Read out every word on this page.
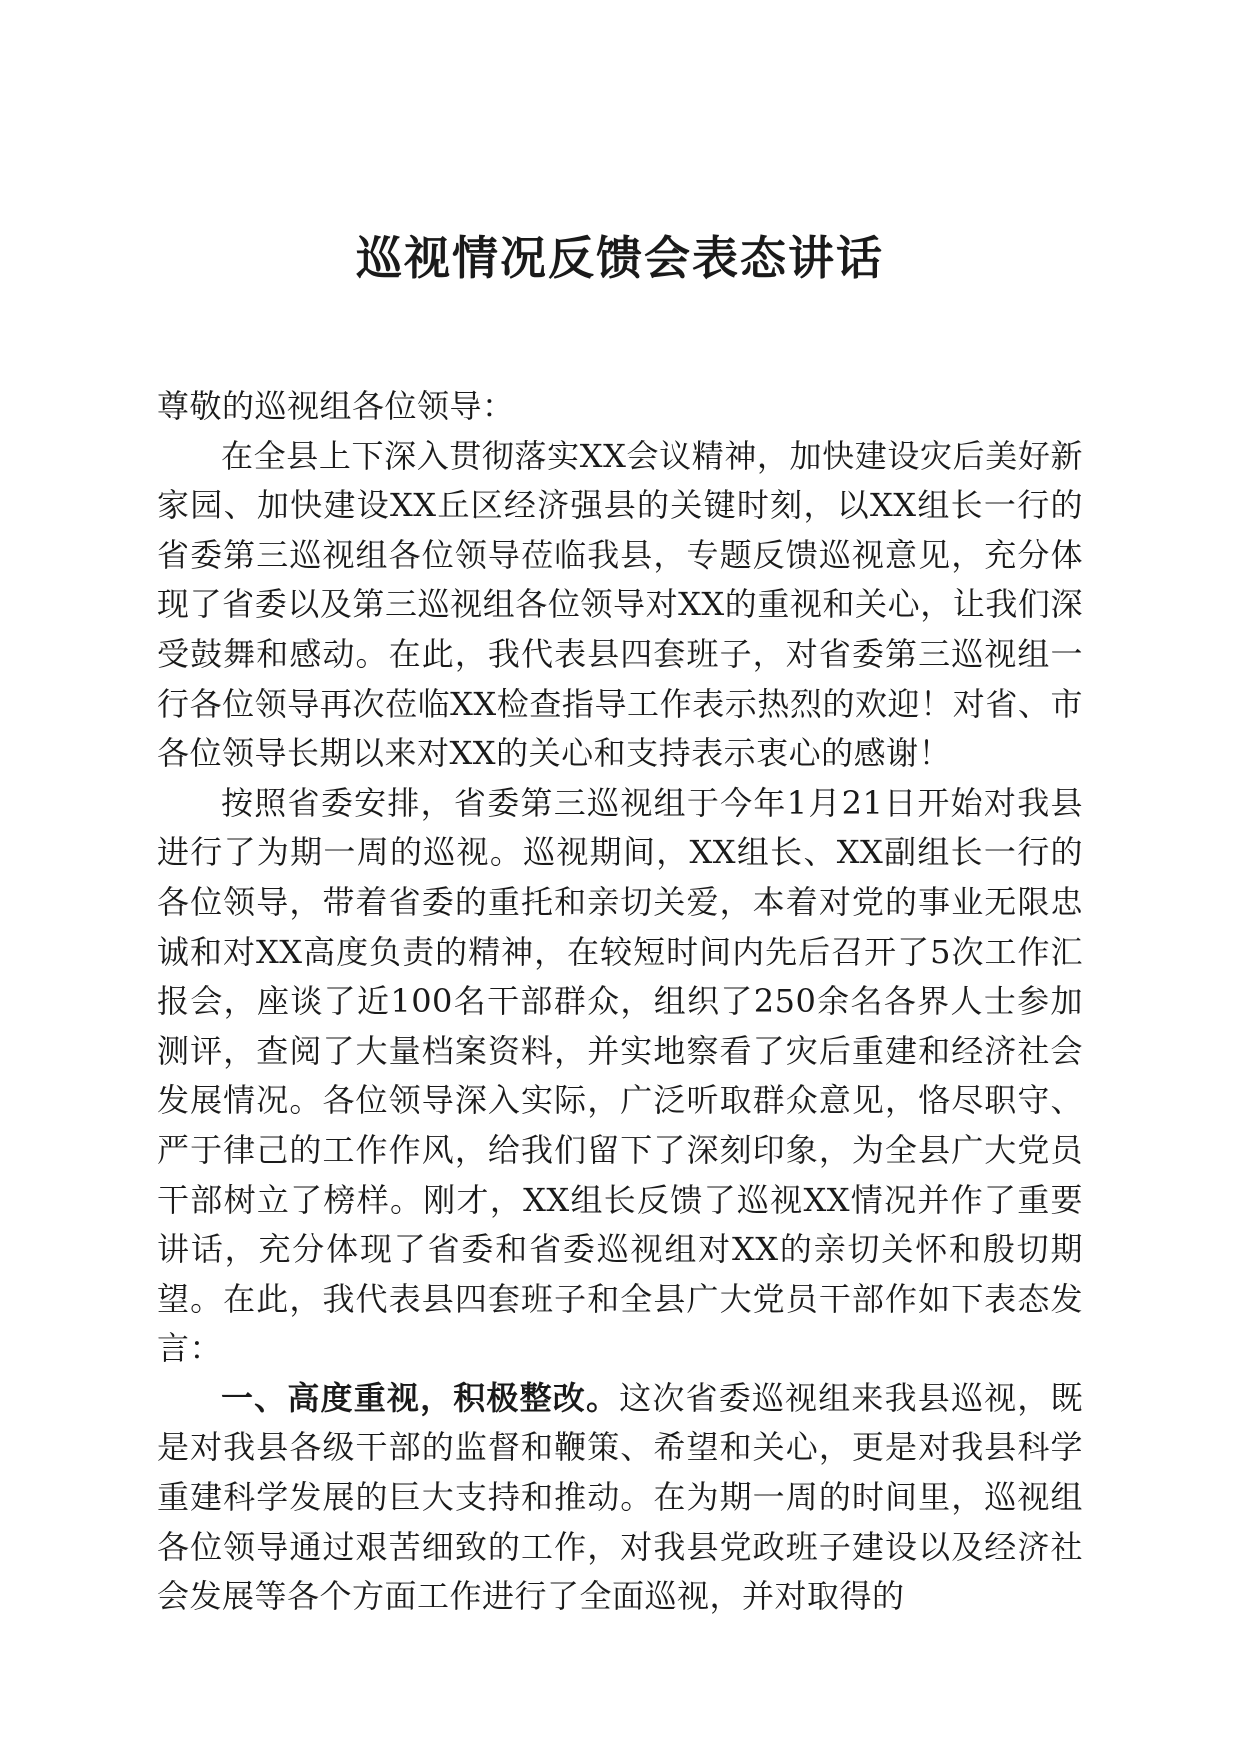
巡视情况反馈会表态讲话

尊敬的巡视组各位领导：

在全县上下深入贯彻落实XX会议精神，加快建设灾后美好新家园、加快建设XX丘区经济强县的关键时刻，以XX组长一行的省委第三巡视组各位领导莅临我县，专题反馈巡视意见，充分体现了省委以及第三巡视组各位领导对XX的重视和关心，让我们深受鼓舞和感动。在此，我代表县四套班子，对省委第三巡视组一行各位领导再次莅临XX检查指导工作表示热烈的欢迎！对省、市各位领导长期以来对XX的关心和支持表示衷心的感谢！

按照省委安排，省委第三巡视组于今年1月21日开始对我县进行了为期一周的巡视。巡视期间，XX组长、XX副组长一行的各位领导，带着省委的重托和亲切关爱，本着对党的事业无限忠诚和对XX高度负责的精神，在较短时间内先后召开了5次工作汇报会，座谈了近100名干部群众，组织了250余名各界人士参加测评，查阅了大量档案资料，并实地察看了灾后重建和经济社会发展情况。各位领导深入实际，广泛听取群众意见，恪尽职守、严于律己的工作作风，给我们留下了深刻印象，为全县广大党员干部树立了榜样。刚才，XX组长反馈了巡视XX情况并作了重要讲话，充分体现了省委和省委巡视组对XX的亲切关怀和殷切期望。在此，我代表县四套班子和全县广大党员干部作如下表态发言：

一、高度重视，积极整改。这次省委巡视组来我县巡视，既是对我县各级干部的监督和鞭策、希望和关心，更是对我县科学重建科学发展的巨大支持和推动。在为期一周的时间里，巡视组各位领导通过艰苦细致的工作，对我县党政班子建设以及经济社会发展等各个方面工作进行了全面巡视，并对取得的
